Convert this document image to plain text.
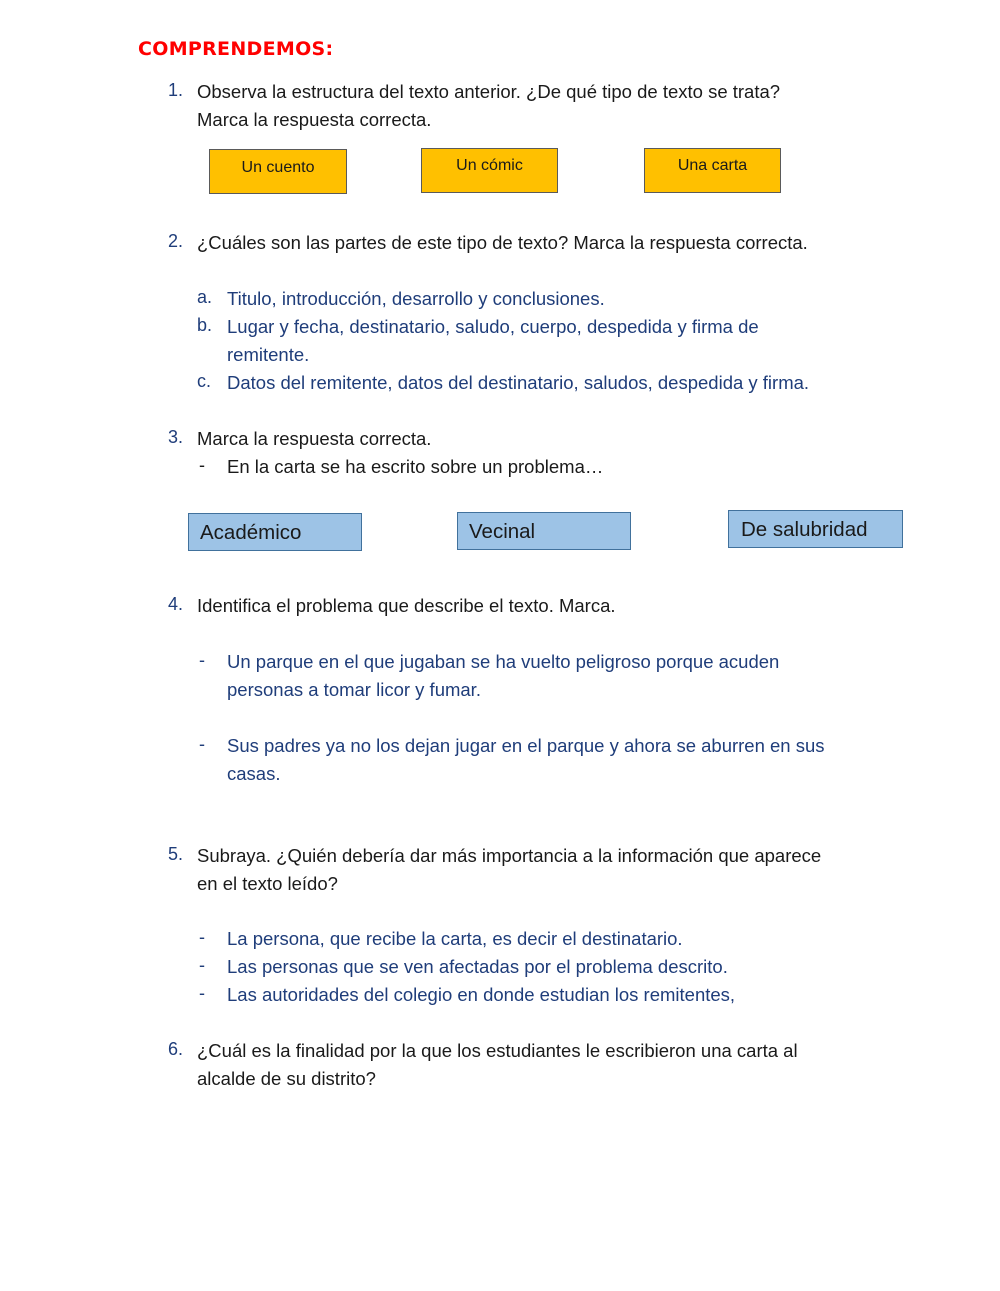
COMPRENDEMOS:
1. Observa la estructura del texto anterior. ¿De qué tipo de texto se trata?
Marca la respuesta correcta.
Un cuento	Un cómic	Una carta
2. ¿Cuáles son las partes de este tipo de texto? Marca la respuesta correcta.
a. Titulo, introducción, desarrollo y conclusiones.
b. Lugar y fecha, destinatario, saludo, cuerpo, despedida y firma de
remitente.
c. Datos del remitente, datos del destinatario, saludos, despedida y firma.
3. Marca la respuesta correcta.
- En la carta se ha escrito sobre un problema…
Académico	Vecinal	De salubridad
4. Identifica el problema que describe el texto. Marca.
- Un parque en el que jugaban se ha vuelto peligroso porque acuden
personas a tomar licor y fumar.
- Sus padres ya no los dejan jugar en el parque y ahora se aburren en sus
casas.
5. Subraya. ¿Quién debería dar más importancia a la información que aparece
en el texto leído?
- La persona, que recibe la carta, es decir el destinatario.
- Las personas que se ven afectadas por el problema descrito.
- Las autoridades del colegio en donde estudian los remitentes,
6. ¿Cuál es la finalidad por la que los estudiantes le escribieron una carta al
alcalde de su distrito?
